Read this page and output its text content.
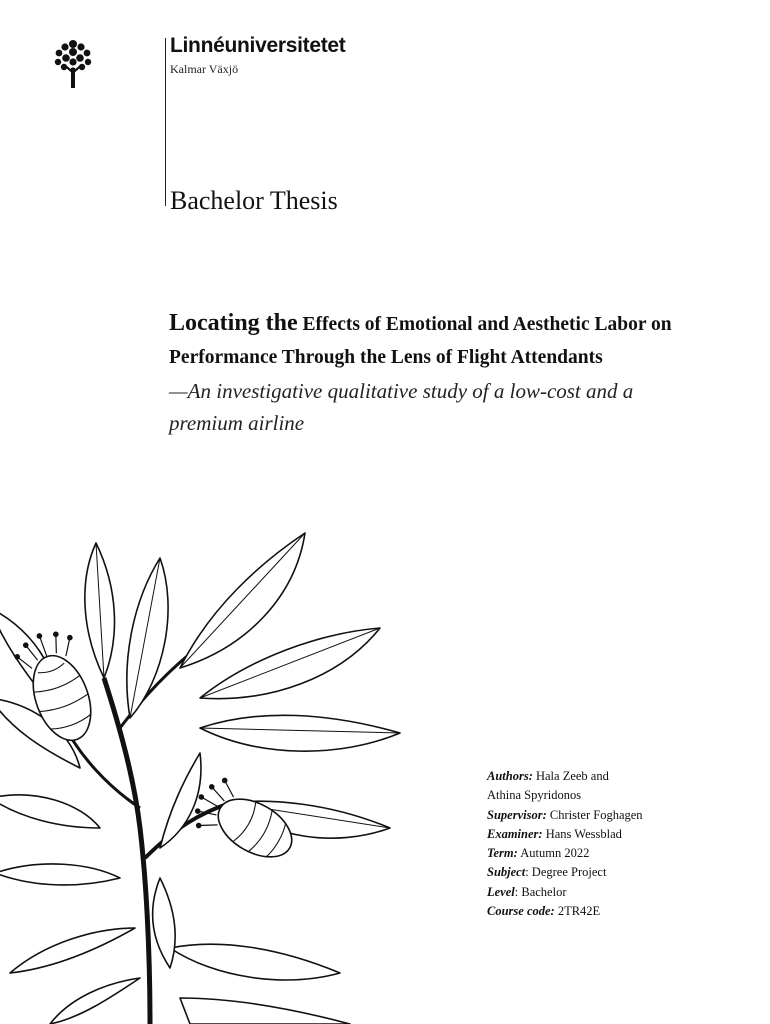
Linnéuniversitetet
Kalmar Växjö
Bachelor Thesis

Locating the Effects of Emotional and Aesthetic Labor on Performance Through the Lens of Flight Attendants

—An investigative qualitative study of a low-cost and a premium airline

Authors: Hala Zeeb and
Athina Spyridonos
Supervisor: Christer Foghagen
Examiner: Hans Wessblad
Term: Autumn 2022
Subject: Degree Project
Level: Bachelor
Course code: 2TR42E
